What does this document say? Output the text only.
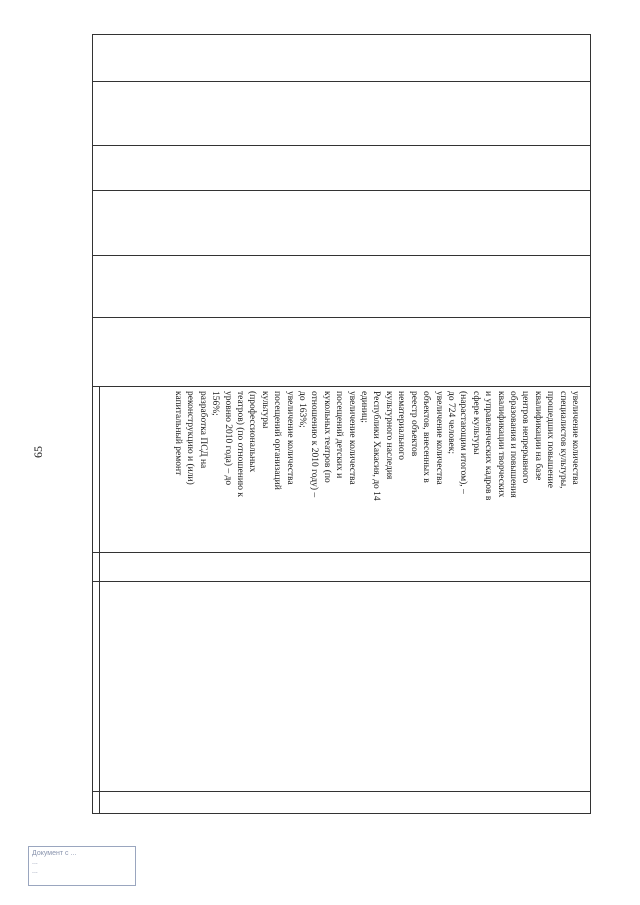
65

увеличение количества
специалистов культуры,
прошедших повышение
квалификации на базе
центров непрерывного
образования и повышения
квалификации творческих
и управленческих кадров в
сфере культуры
(нарастающим итогом), –
до 724 человек;
увеличение количества
объектов, внесенных в
реестр объектов
нематериального
культурного наследия
Республики Хакасия, до 14
единиц;
увеличение количества
посещений детских и
кукольных театров (по
отношению к 2010 году) –
до 163%;
увеличение количества
посещений организаций
культуры
(профессиональных
театров) (по отношению к
уровню 2010 года) – до
156%;
разработка ПСД на
реконструкцию и (или)
капитальный ремонт

Документ с ...
...
...
